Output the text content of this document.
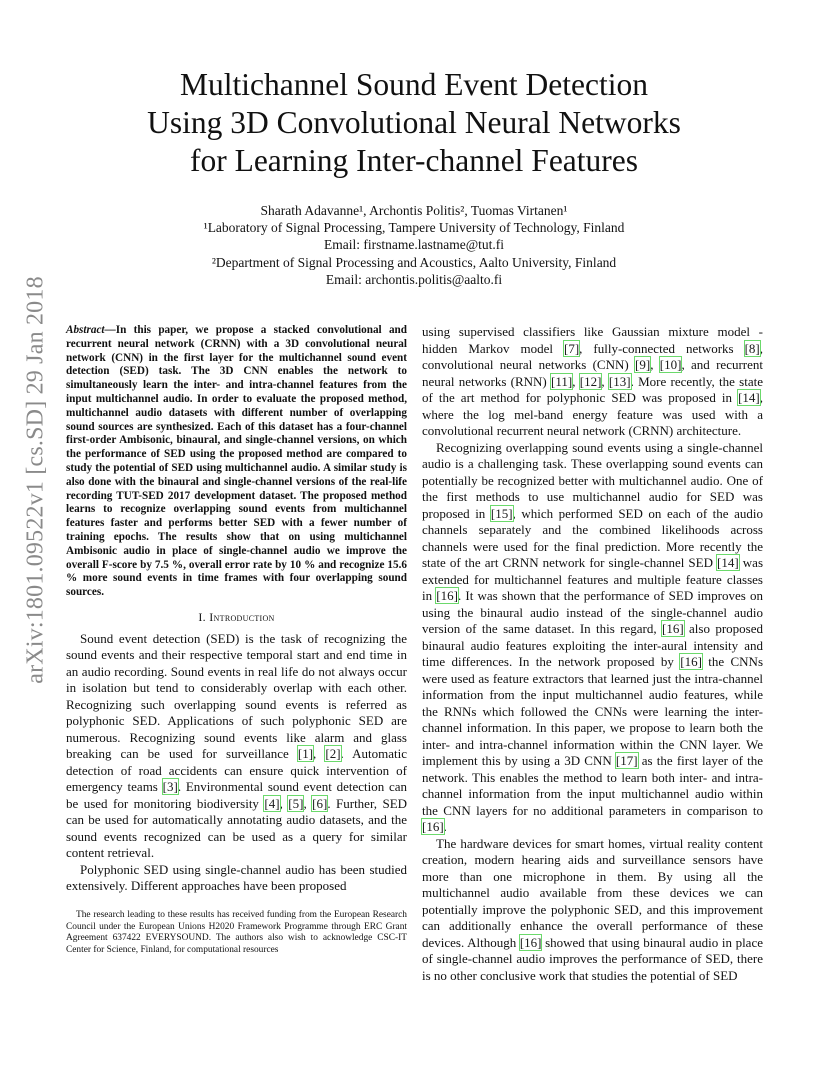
arXiv:1801.09522v1 [cs.SD] 29 Jan 2018
Multichannel Sound Event Detection
Using 3D Convolutional Neural Networks
for Learning Inter-channel Features
Sharath Adavanne¹, Archontis Politis², Tuomas Virtanen¹
¹Laboratory of Signal Processing, Tampere University of Technology, Finland
Email: firstname.lastname@tut.fi
²Department of Signal Processing and Acoustics, Aalto University, Finland
Email: archontis.politis@aalto.fi

Abstract—In this paper, we propose a stacked convolutional and recurrent neural network (CRNN) with a 3D convolutional neural network (CNN) in the first layer for the multichannel sound event detection (SED) task. The 3D CNN enables the network to simultaneously learn the inter- and intra-channel features from the input multichannel audio. In order to evaluate the proposed method, multichannel audio datasets with different number of overlapping sound sources are synthesized. Each of this dataset has a four-channel first-order Ambisonic, binaural, and single-channel versions, on which the performance of SED using the proposed method are compared to study the potential of SED using multichannel audio. A similar study is also done with the binaural and single-channel versions of the real-life recording TUT-SED 2017 development dataset. The proposed method learns to recognize overlapping sound events from multichannel features faster and performs better SED with a fewer number of training epochs. The results show that on using multichannel Ambisonic audio in place of single-channel audio we improve the overall F-score by 7.5 %, overall error rate by 10 % and recognize 15.6 % more sound events in time frames with four overlapping sound sources.

I. Introduction

Sound event detection (SED) is the task of recognizing the sound events and their respective temporal start and end time in an audio recording. Sound events in real life do not always occur in isolation but tend to considerably overlap with each other. Recognizing such overlapping sound events is referred as polyphonic SED. Applications of such polyphonic SED are numerous. Recognizing sound events like alarm and glass breaking can be used for surveillance [1], [2]. Automatic detection of road accidents can ensure quick intervention of emergency teams [3]. Environmental sound event detection can be used for monitoring biodiversity [4], [5], [6]. Further, SED can be used for automatically annotating audio datasets, and the sound events recognized can be used as a query for similar content retrieval.

Polyphonic SED using single-channel audio has been studied extensively. Different approaches have been proposed

The research leading to these results has received funding from the European Research Council under the European Unions H2020 Framework Programme through ERC Grant Agreement 637422 EVERYSOUND. The authors also wish to acknowledge CSC-IT Center for Science, Finland, for computational resources

using supervised classifiers like Gaussian mixture model - hidden Markov model [7], fully-connected networks [8], convolutional neural networks (CNN) [9], [10], and recurrent neural networks (RNN) [11], [12], [13]. More recently, the state of the art method for polyphonic SED was proposed in [14], where the log mel-band energy feature was used with a convolutional recurrent neural network (CRNN) architecture.

Recognizing overlapping sound events using a single-channel audio is a challenging task. These overlapping sound events can potentially be recognized better with multichannel audio. One of the first methods to use multichannel audio for SED was proposed in [15], which performed SED on each of the audio channels separately and the combined likelihoods across channels were used for the final prediction. More recently the state of the art CRNN network for single-channel SED [14] was extended for multichannel features and multiple feature classes in [16]. It was shown that the performance of SED improves on using the binaural audio instead of the single-channel audio version of the same dataset. In this regard, [16] also proposed binaural audio features exploiting the inter-aural intensity and time differences. In the network proposed by [16] the CNNs were used as feature extractors that learned just the intra-channel information from the input multichannel audio features, while the RNNs which followed the CNNs were learning the inter-channel information. In this paper, we propose to learn both the inter- and intra-channel information within the CNN layer. We implement this by using a 3D CNN [17] as the first layer of the network. This enables the method to learn both inter- and intra-channel information from the input multichannel audio within the CNN layers for no additional parameters in comparison to [16].

The hardware devices for smart homes, virtual reality content creation, modern hearing aids and surveillance sensors have more than one microphone in them. By using all the multichannel audio available from these devices we can potentially improve the polyphonic SED, and this improvement can additionally enhance the overall performance of these devices. Although [16] showed that using binaural audio in place of single-channel audio improves the performance of SED, there is no other conclusive work that studies the potential of SED
